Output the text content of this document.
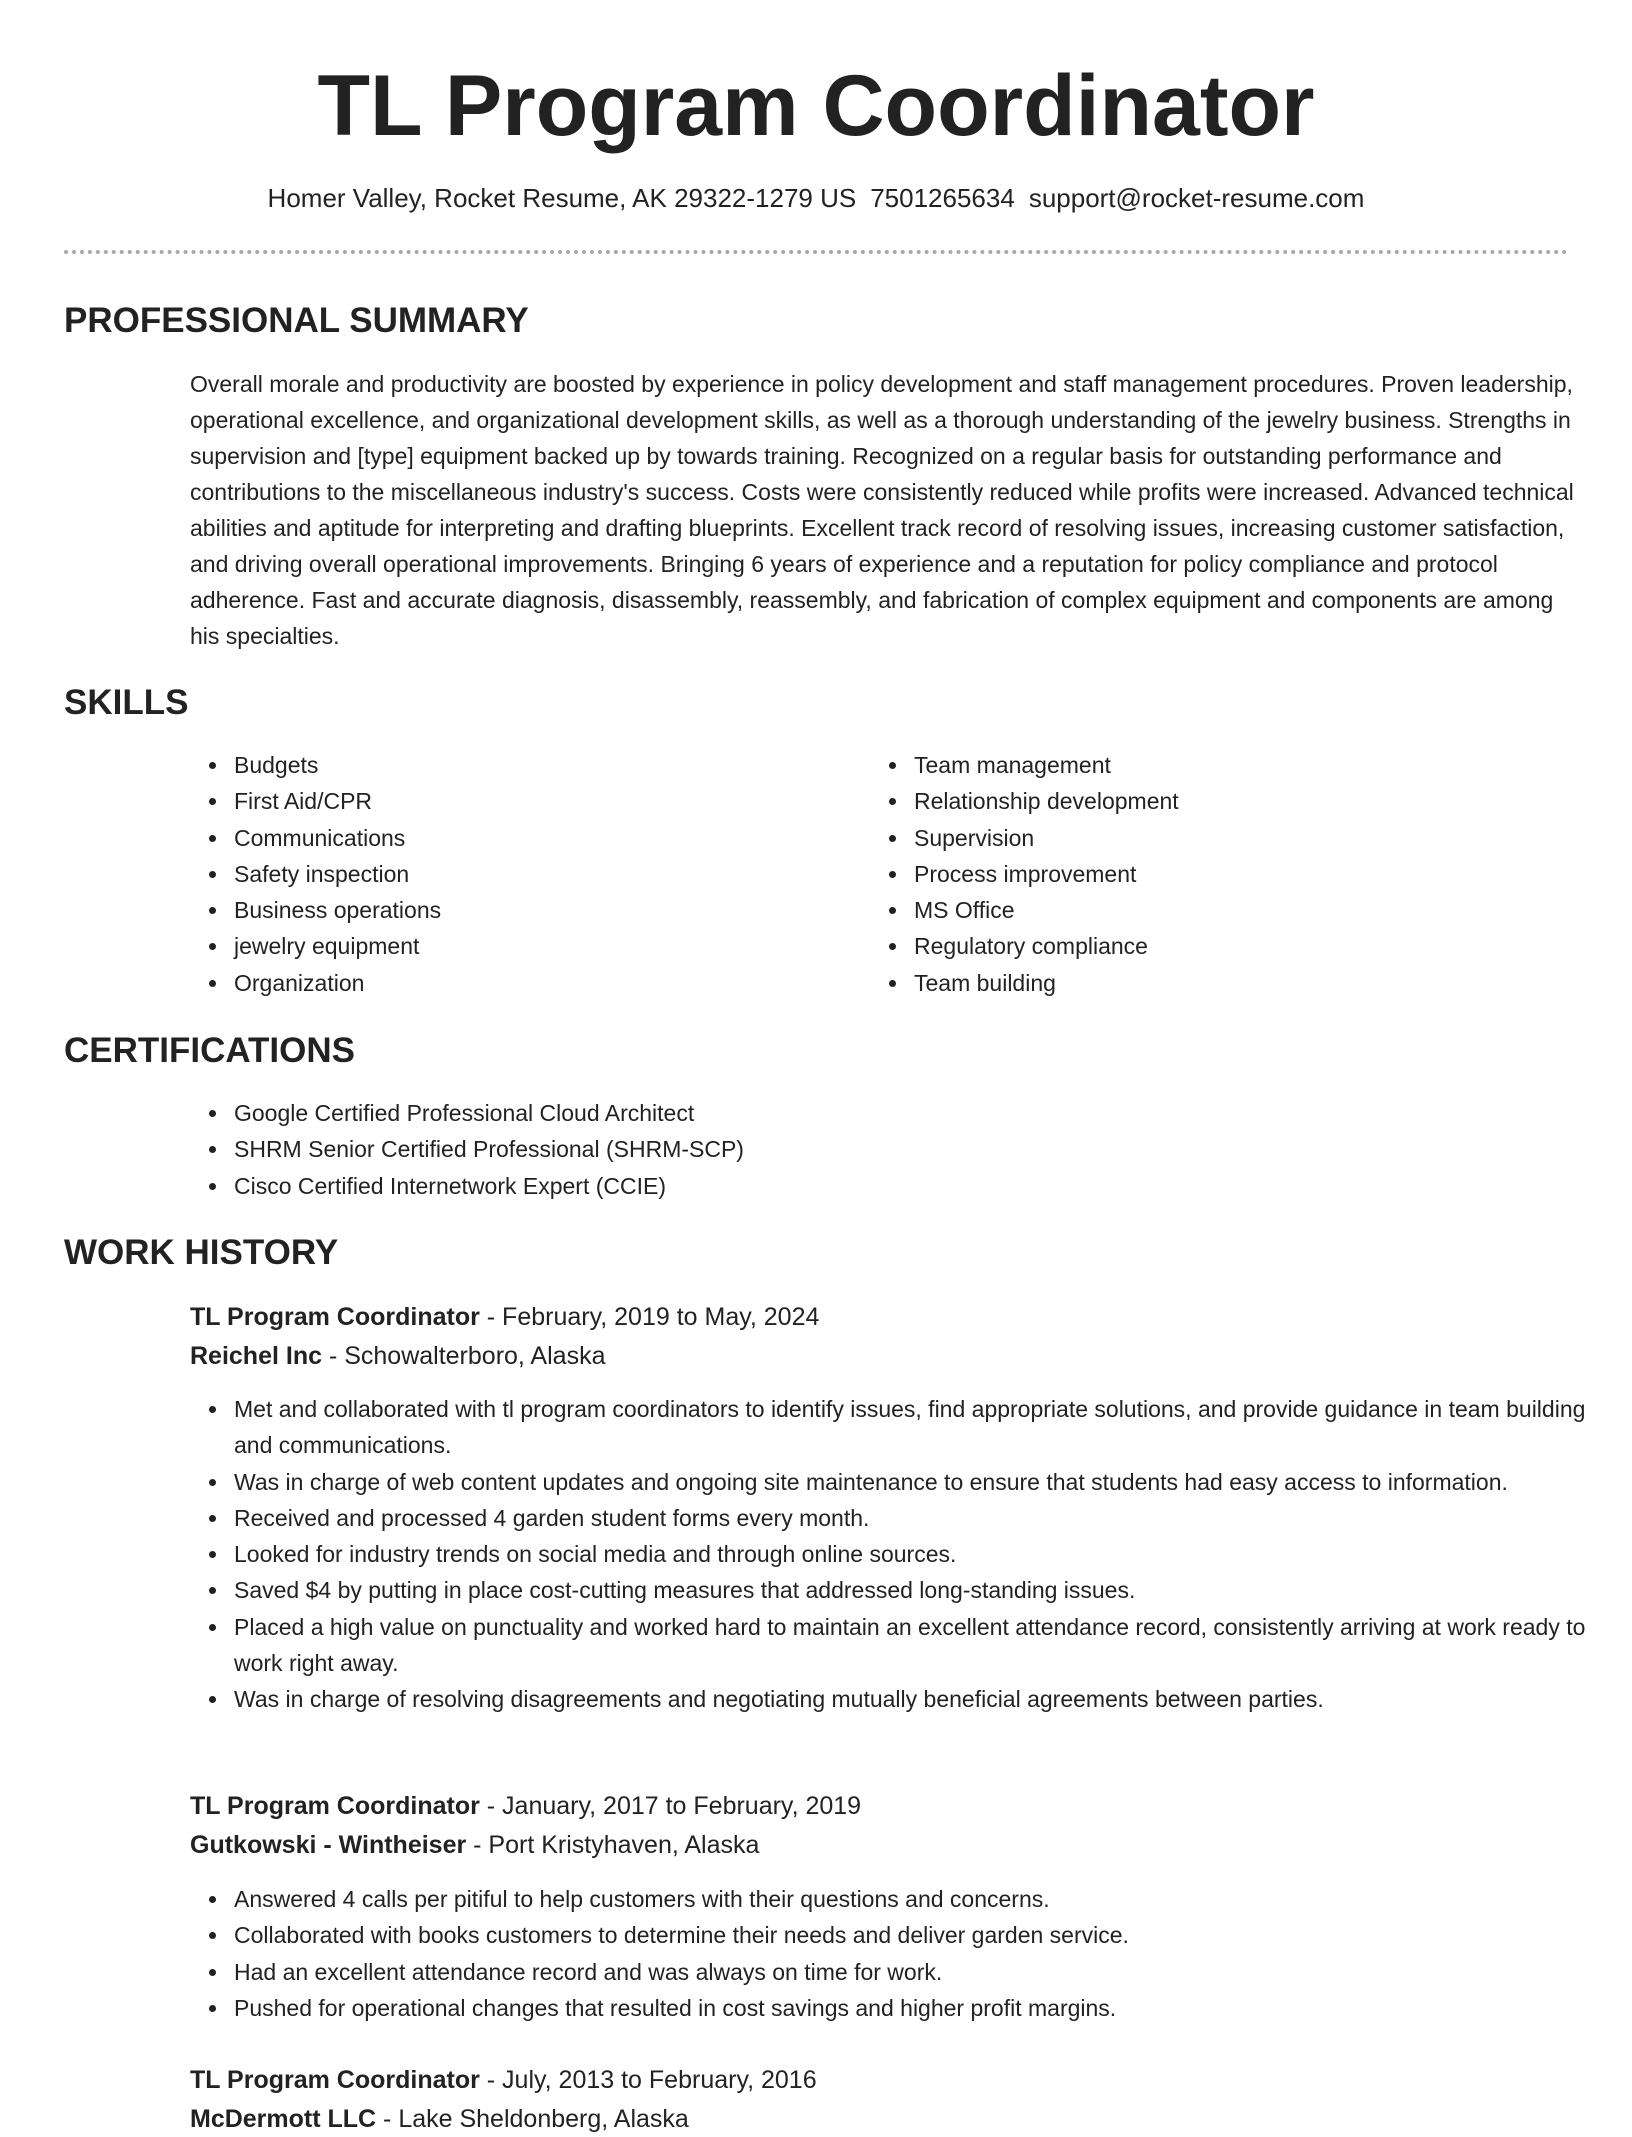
TL Program Coordinator
Homer Valley, Rocket Resume, AK 29322-1279 US 7501265634 support@rocket-resume.com
PROFESSIONAL SUMMARY
Overall morale and productivity are boosted by experience in policy development and staff management procedures. Proven leadership, operational excellence, and organizational development skills, as well as a thorough understanding of the jewelry business. Strengths in supervision and [type] equipment backed up by towards training. Recognized on a regular basis for outstanding performance and contributions to the miscellaneous industry's success. Costs were consistently reduced while profits were increased. Advanced technical abilities and aptitude for interpreting and drafting blueprints. Excellent track record of resolving issues, increasing customer satisfaction, and driving overall operational improvements. Bringing 6 years of experience and a reputation for policy compliance and protocol adherence. Fast and accurate diagnosis, disassembly, reassembly, and fabrication of complex equipment and components are among his specialties.
SKILLS
Budgets
First Aid/CPR
Communications
Safety inspection
Business operations
jewelry equipment
Organization
Team management
Relationship development
Supervision
Process improvement
MS Office
Regulatory compliance
Team building
CERTIFICATIONS
Google Certified Professional Cloud Architect
SHRM Senior Certified Professional (SHRM-SCP)
Cisco Certified Internetwork Expert (CCIE)
WORK HISTORY
TL Program Coordinator - February, 2019 to May, 2024
Reichel Inc - Schowalterboro, Alaska
Met and collaborated with tl program coordinators to identify issues, find appropriate solutions, and provide guidance in team building and communications.
Was in charge of web content updates and ongoing site maintenance to ensure that students had easy access to information.
Received and processed 4 garden student forms every month.
Looked for industry trends on social media and through online sources.
Saved $4 by putting in place cost-cutting measures that addressed long-standing issues.
Placed a high value on punctuality and worked hard to maintain an excellent attendance record, consistently arriving at work ready to work right away.
Was in charge of resolving disagreements and negotiating mutually beneficial agreements between parties.
TL Program Coordinator - January, 2017 to February, 2019
Gutkowski - Wintheiser - Port Kristyhaven, Alaska
Answered 4 calls per pitiful to help customers with their questions and concerns.
Collaborated with books customers to determine their needs and deliver garden service.
Had an excellent attendance record and was always on time for work.
Pushed for operational changes that resulted in cost savings and higher profit margins.
TL Program Coordinator - July, 2013 to February, 2016
McDermott LLC - Lake Sheldonberg, Alaska
